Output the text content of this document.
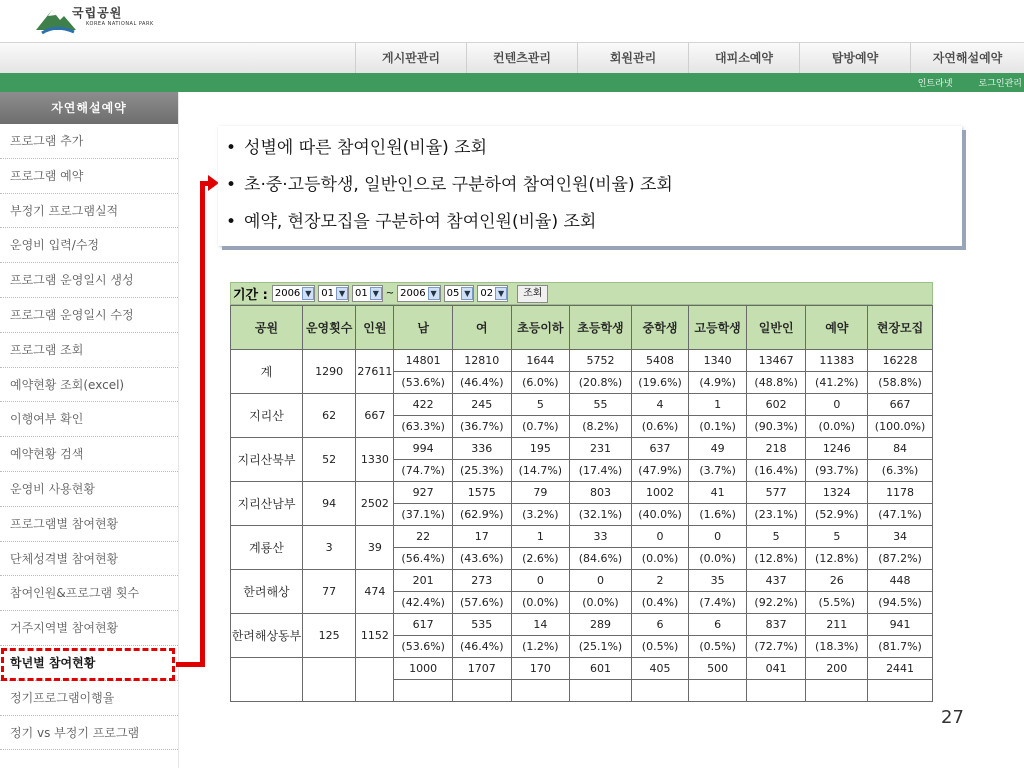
국립공원
KOREA NATIONAL PARK
게시판관리	컨텐츠관리	회원관리	대피소예약	탐방예약	자연해설예약
인트라넷	로그인관리
자연해설예약
프로그램 추가
프로그램 예약
부정기 프로그램실적
운영비 입력/수정
프로그램 운영일시 생성
프로그램 운영일시 수정
프로그램 조회
예약현황 조회(excel)
이행여부 확인
예약현황 검색
운영비 사용현황
프로그램별 참여현황
단체성격별 참여현황
참여인원&프로그램 횟수
거주지역별 참여현황
학년별 참여현황
정기프로그램이행율
정기 vs 부정기 프로그램
• 성별에 따른 참여인원(비율) 조회
• 초·중·고등학생, 일반인으로 구분하여 참여인원(비율) 조회
• 예약, 현장모집을 구분하여 참여인원(비율) 조회
기간 : 2006 ▼ 01 ▼ 01 ▼ ~ 2006 ▼ 05 ▼ 02 ▼	조회
공원	운영횟수	인원	남	여	초등이하	초등학생	중학생	고등학생	일반인	예약	현장모집
계	1290	27611	14801	12810	1644	5752	5408	1340	13467	11383	16228
			(53.6%)	(46.4%)	(6.0%)	(20.8%)	(19.6%)	(4.9%)	(48.8%)	(41.2%)	(58.8%)
지리산	62	667	422	245	5	55	4	1	602	0	667
			(63.3%)	(36.7%)	(0.7%)	(8.2%)	(0.6%)	(0.1%)	(90.3%)	(0.0%)	(100.0%)
지리산북부	52	1330	994	336	195	231	637	49	218	1246	84
			(74.7%)	(25.3%)	(14.7%)	(17.4%)	(47.9%)	(3.7%)	(16.4%)	(93.7%)	(6.3%)
지리산남부	94	2502	927	1575	79	803	1002	41	577	1324	1178
			(37.1%)	(62.9%)	(3.2%)	(32.1%)	(40.0%)	(1.6%)	(23.1%)	(52.9%)	(47.1%)
계룡산	3	39	22	17	1	33	0	0	5	5	34
			(56.4%)	(43.6%)	(2.6%)	(84.6%)	(0.0%)	(0.0%)	(12.8%)	(12.8%)	(87.2%)
한려해상	77	474	201	273	0	0	2	35	437	26	448
			(42.4%)	(57.6%)	(0.0%)	(0.0%)	(0.4%)	(7.4%)	(92.2%)	(5.5%)	(94.5%)
한려해상동부	125	1152	617	535	14	289	6	6	837	211	941
			(53.6%)	(46.4%)	(1.2%)	(25.1%)	(0.5%)	(0.5%)	(72.7%)	(18.3%)	(81.7%)
			1000	1707	170	601	405	500	041	200	2441

27
